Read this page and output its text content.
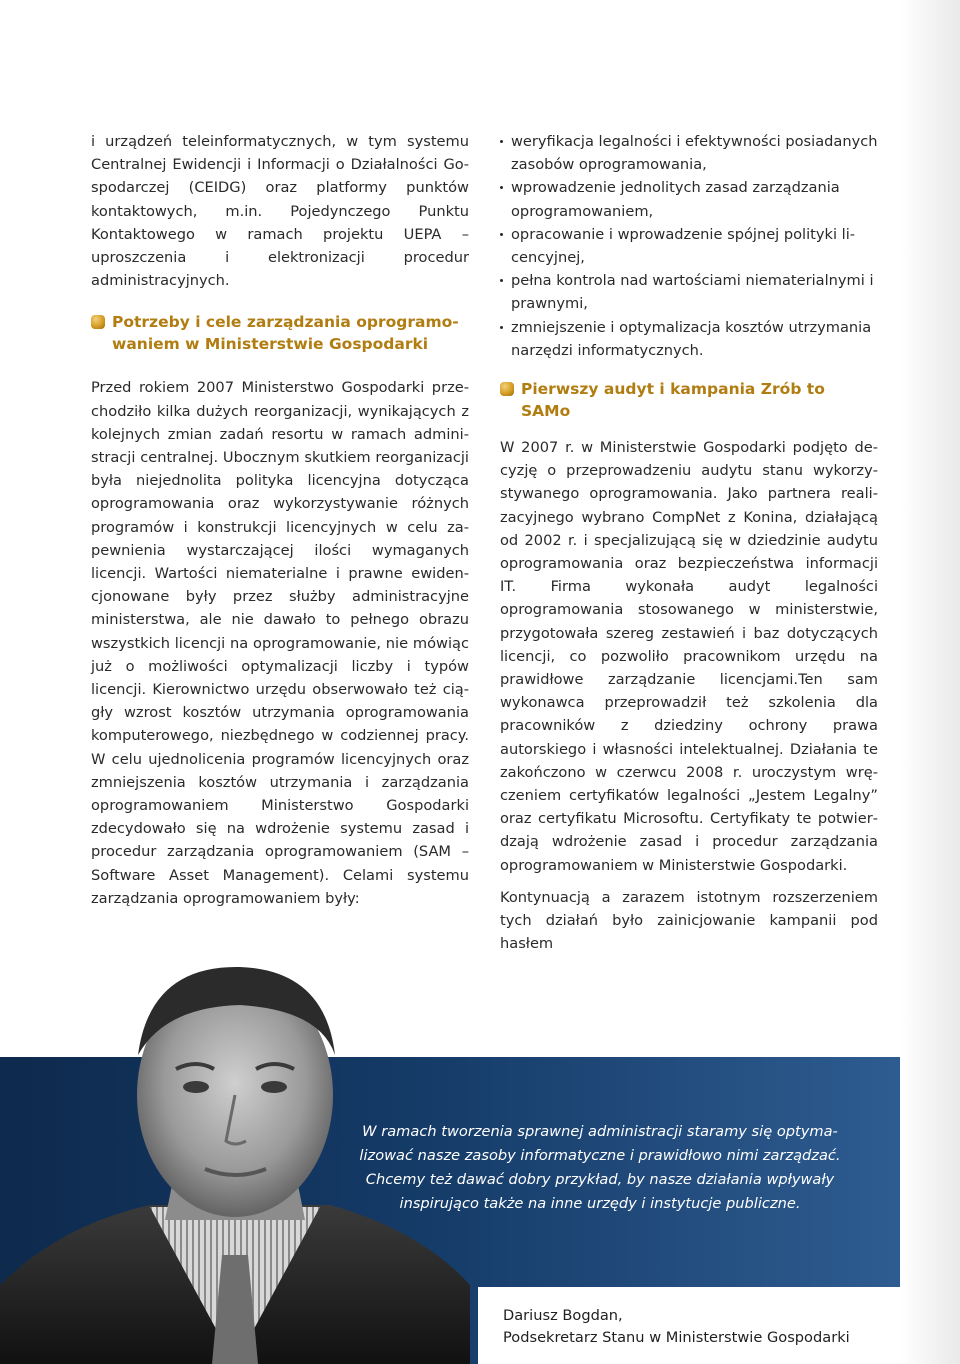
i urządzeń teleinformatycznych, w tym systemu Centralnej Ewidencji i Informacji o Działalności Gospodarczej (CEIDG) oraz platformy punktów kontaktowych, m.in. Pojedynczego Punktu Kontaktowego w ramach projektu UEPA – uproszczenia i elektronizacji procedur administracyjnych.

Potrzeby i cele zarządzania oprogramowaniem w Ministerstwie Gospodarki

Przed rokiem 2007 Ministerstwo Gospodarki przechodziło kilka dużych reorganizacji, wynikających z kolejnych zmian zadań resortu w ramach administracji centralnej. Ubocznym skutkiem reorganizacji była niejednolita polityka licencyjna dotycząca oprogramowania oraz wykorzystywanie różnych programów i konstrukcji licencyjnych w celu zapewnienia wystarczającej ilości wymaganych licencji. Wartości niematerialne i prawne ewidencjonowane były przez służby administracyjne ministerstwa, ale nie dawało to pełnego obrazu wszystkich licencji na oprogramowanie, nie mówiąc już o możliwości optymalizacji liczby i typów licencji. Kierownictwo urzędu obserwowało też ciągły wzrost kosztów utrzymania oprogramowania komputerowego, niezbędnego w codziennej pracy. W celu ujednolicenia programów licencyjnych oraz zmniejszenia kosztów utrzymania i zarządzania oprogramowaniem Ministerstwo Gospodarki zdecydowało się na wdrożenie systemu zasad i procedur zarządzania oprogramowaniem (SAM – Software Asset Management). Celami systemu zarządzania oprogramowaniem były:

weryfikacja legalności i efektywności posiadanych zasobów oprogramowania,
wprowadzenie jednolitych zasad zarządzania oprogramowaniem,
opracowanie i wprowadzenie spójnej polityki licencyjnej,
pełna kontrola nad wartościami niematerialnymi i prawnymi,
zmniejszenie i optymalizacja kosztów utrzymania narzędzi informatycznych.
Pierwszy audyt i kampania Zrób to SAMo

W 2007 r. w Ministerstwie Gospodarki podjęto decyzję o przeprowadzeniu audytu stanu wykorzystywanego oprogramowania. Jako partnera realizacyjnego wybrano CompNet z Konina, działającą od 2002 r. i specjalizującą się w dziedzinie audytu oprogramowania oraz bezpieczeństwa informacji IT. Firma wykonała audyt legalności oprogramowania stosowanego w ministerstwie, przygotowała szereg zestawień i baz dotyczących licencji, co pozwoliło pracownikom urzędu na prawidłowe zarządzanie licencjami.Ten sam wykonawca przeprowadził też szkolenia dla pracowników z dziedziny ochrony prawa autorskiego i własności intelektualnej. Działania te zakończono w czerwcu 2008 r. uroczystym wręczeniem certyfikatów legalności „Jestem Legalny” oraz certyfikatu Microsoftu. Certyfikaty te potwierdzają wdrożenie zasad i procedur zarządzania oprogramowaniem w Ministerstwie Gospodarki.

Kontynuacją a zarazem istotnym rozszerzeniem tych działań było zainicjowanie kampanii pod hasłem

W ramach tworzenia sprawnej administracji staramy się optyma-
lizować nasze zasoby informatyczne i prawidłowo nimi zarządzać.
Chcemy też dawać dobry przykład, by nasze działania wpływały
inspirująco także na inne urzędy i instytucje publiczne.
Dariusz Bogdan,
Podsekretarz Stanu w Ministerstwie Gospodarki
